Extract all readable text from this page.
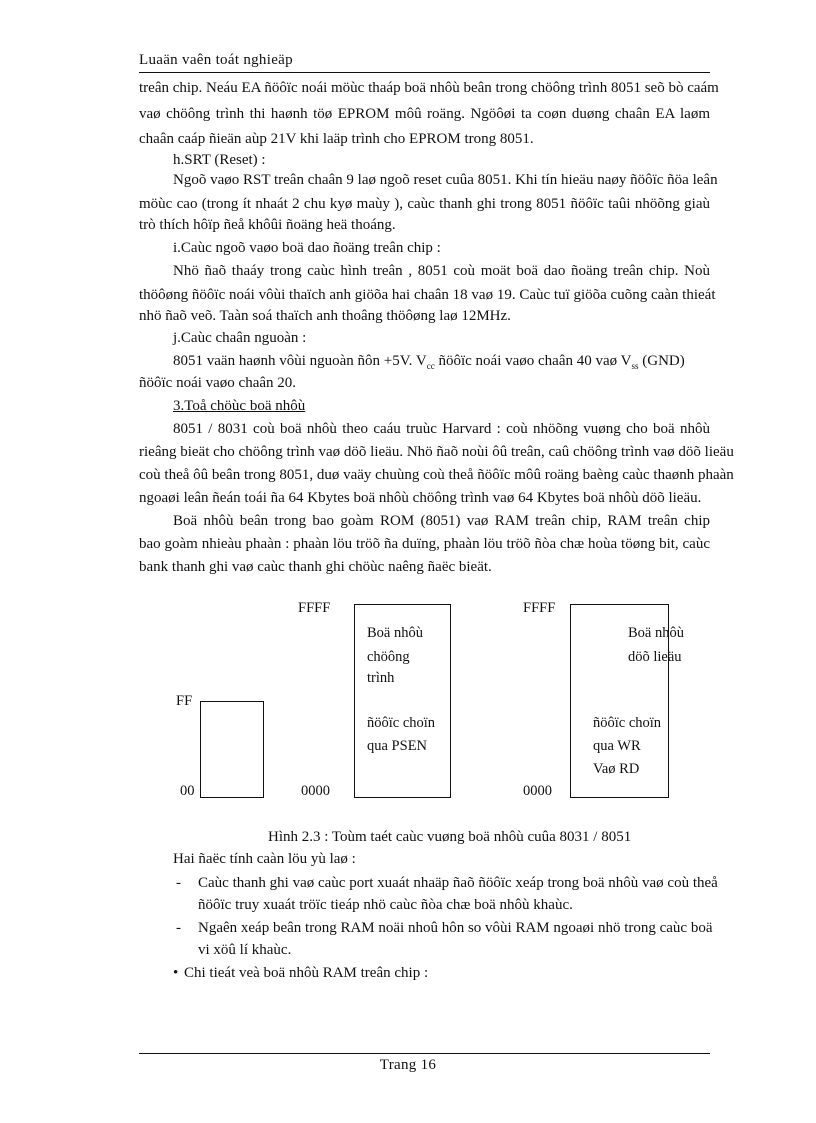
Luaän vaên toát nghieäp
treân chip. Neáu EA ñöôïc noái möùc thaáp boä nhôù beân trong chöông trình 8051 seõ bò caám
vaø chöông trình thi haønh töø EPROM môû roäng. Ngöôøi ta coøn duøng chaân EA laøm
chaân caáp ñieän aùp 21V khi laäp trình cho EPROM trong 8051.
h.SRT (Reset) :
Ngoõ vaøo RST treân chaân 9 laø ngoõ reset cuûa 8051. Khi tín hieäu naøy ñöôïc ñöa leân
möùc cao (trong ít nhaát 2 chu kyø maùy ), caùc thanh ghi trong 8051 ñöôïc taûi nhöõng giaù
trò thích hôïp ñeå khôûi ñoäng heä thoáng.
i.Caùc ngoõ vaøo boä dao ñoäng treân chip :
Nhö ñaõ thaáy trong caùc hình treân , 8051 coù moät boä dao ñoäng treân chip. Noù
thöôøng ñöôïc noái vôùi thaïch anh giöõa hai chaân 18 vaø 19. Caùc tuï giöõa cuõng caàn thieát
nhö ñaõ veõ. Taàn soá thaïch anh thoâng thöôøng laø 12MHz.
j.Caùc chaân nguoàn :
8051 vaän haønh vôùi nguoàn ñôn +5V. $V_{cc}$ ñöôïc noái vaøo chaân 40 vaø $V_{ss}$ (GND)
ñöôïc noái vaøo chaân 20.
3.Toå chöùc boä nhôù
8051 / 8031 coù boä nhôù theo caáu truùc Harvard : coù nhöõng vuøng cho boä nhôù
rieâng bieät cho chöông trình vaø döõ lieäu. Nhö ñaõ noùi ôû treân, caû chöông trình vaø döõ lieäu
coù theå ôû beân trong 8051, duø vaäy chuùng coù theå ñöôïc môû roäng baèng caùc thaønh phaàn
ngoaøi leân ñeán toái ña 64 Kbytes boä nhôù chöông trình vaø 64 Kbytes boä nhôù döõ lieäu.
Boä nhôù beân trong bao goàm ROM (8051) vaø RAM treân chip, RAM treân chip
bao goàm nhieàu phaàn : phaàn löu tröõ ña duïng, phaàn löu tröõ ñòa chæ hoùa töøng bit, caùc
bank thanh ghi vaø caùc thanh ghi chöùc naêng ñaëc bieät.
FF
00
FFFF
0000
Boä nhôù
chöông
trình
ñöôïc choïn
qua PSEN
FFFF
0000
Boä nhôù
döõ lieäu
ñöôïc choïn
qua WR
Vaø RD
Hình 2.3 : Toùm taét caùc vuøng boä nhôù cuûa 8031 / 8051
Hai ñaëc tính caàn löu yù laø :
- Caùc thanh ghi vaø caùc port xuaát nhaäp ñaõ ñöôïc xeáp trong boä nhôù vaø coù theå
ñöôïc truy xuaát tröïc tieáp nhö caùc ñòa chæ boä nhôù khaùc.
- Ngaên xeáp beân trong RAM noäi nhoû hôn so vôùi RAM ngoaøi nhö trong caùc boä
vi xöû lí khaùc.
• Chi tieát veà boä nhôù RAM treân chip :
Trang 16
